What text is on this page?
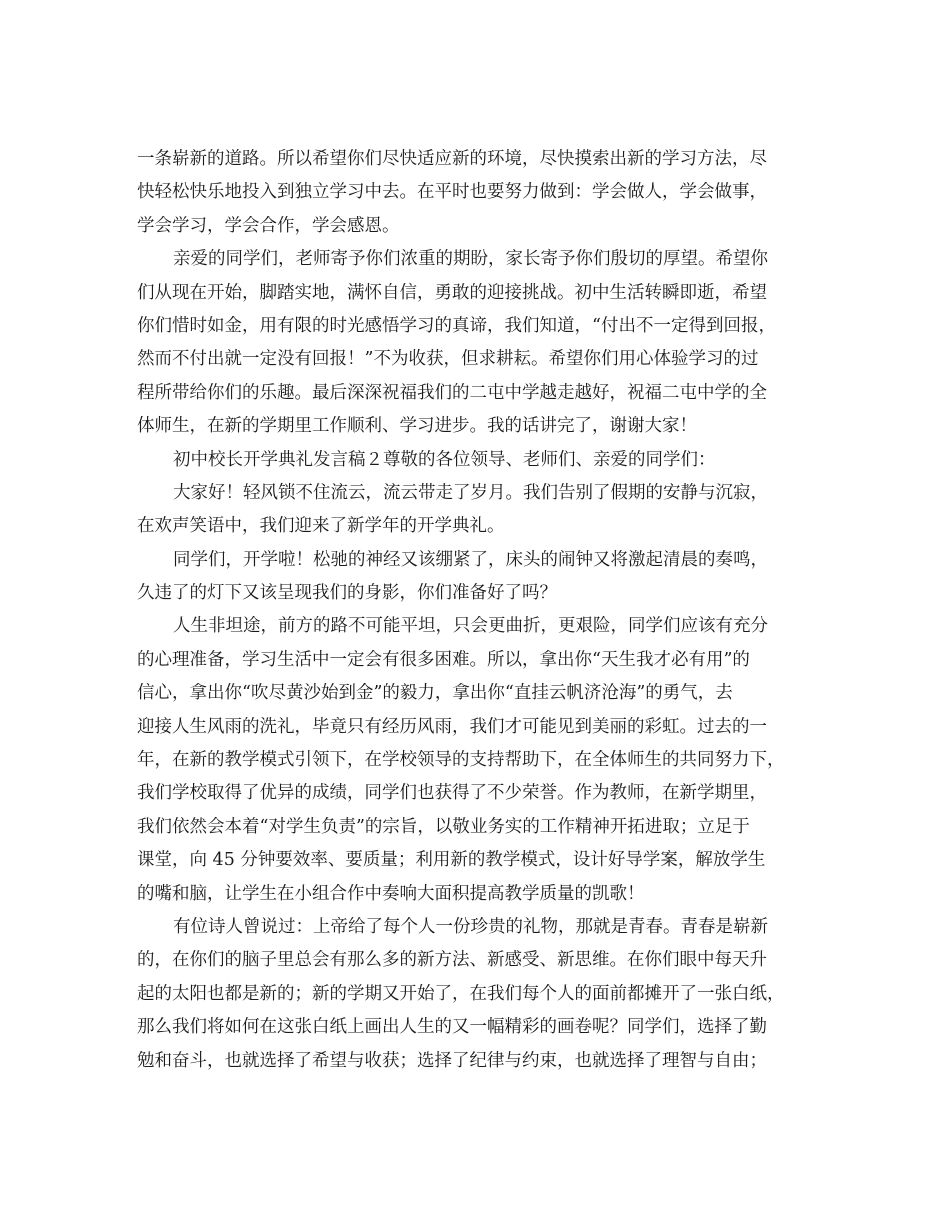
一条崭新的道路。所以希望你们尽快适应新的环境，尽快摸索出新的学习方法，尽
快轻松快乐地投入到独立学习中去。在平时也要努力做到：学会做人，学会做事，
学会学习，学会合作，学会感恩。
亲爱的同学们，老师寄予你们浓重的期盼，家长寄予你们殷切的厚望。希望你
们从现在开始，脚踏实地，满怀自信，勇敢的迎接挑战。初中生活转瞬即逝，希望
你们惜时如金，用有限的时光感悟学习的真谛，我们知道，“付出不一定得到回报，
然而不付出就一定没有回报！”不为收获，但求耕耘。希望你们用心体验学习的过
程所带给你们的乐趣。最后深深祝福我们的二屯中学越走越好，祝福二屯中学的全
体师生，在新的学期里工作顺利、学习进步。我的话讲完了，谢谢大家！
初中校长开学典礼发言稿２尊敬的各位领导、老师们、亲爱的同学们：
大家好！轻风锁不住流云，流云带走了岁月。我们告别了假期的安静与沉寂，
在欢声笑语中，我们迎来了新学年的开学典礼。
同学们，开学啦！松驰的神经又该绷紧了，床头的闹钟又将激起清晨的奏鸣，
久违了的灯下又该呈现我们的身影，你们准备好了吗？
人生非坦途，前方的路不可能平坦，只会更曲折，更艰险，同学们应该有充分
的心理准备，学习生活中一定会有很多困难。所以，拿出你“天生我才必有用”的
信心，拿出你“吹尽黄沙始到金”的毅力，拿出你“直挂云帆济沧海”的勇气，去
迎接人生风雨的洗礼，毕竟只有经历风雨，我们才可能见到美丽的彩虹。过去的一
年，在新的教学模式引领下，在学校领导的支持帮助下，在全体师生的共同努力下，
我们学校取得了优异的成绩，同学们也获得了不少荣誉。作为教师，在新学期里，
我们依然会本着“对学生负责”的宗旨，以敬业务实的工作精神开拓进取；立足于
课堂，向 45 分钟要效率、要质量；利用新的教学模式，设计好导学案，解放学生
的嘴和脑，让学生在小组合作中奏响大面积提高教学质量的凯歌！
有位诗人曾说过：上帝给了每个人一份珍贵的礼物，那就是青春。青春是崭新
的，在你们的脑子里总会有那么多的新方法、新感受、新思维。在你们眼中每天升
起的太阳也都是新的；新的学期又开始了，在我们每个人的面前都摊开了一张白纸，
那么我们将如何在这张白纸上画出人生的又一幅精彩的画卷呢？同学们，选择了勤
勉和奋斗，也就选择了希望与收获；选择了纪律与约束，也就选择了理智与自由；
